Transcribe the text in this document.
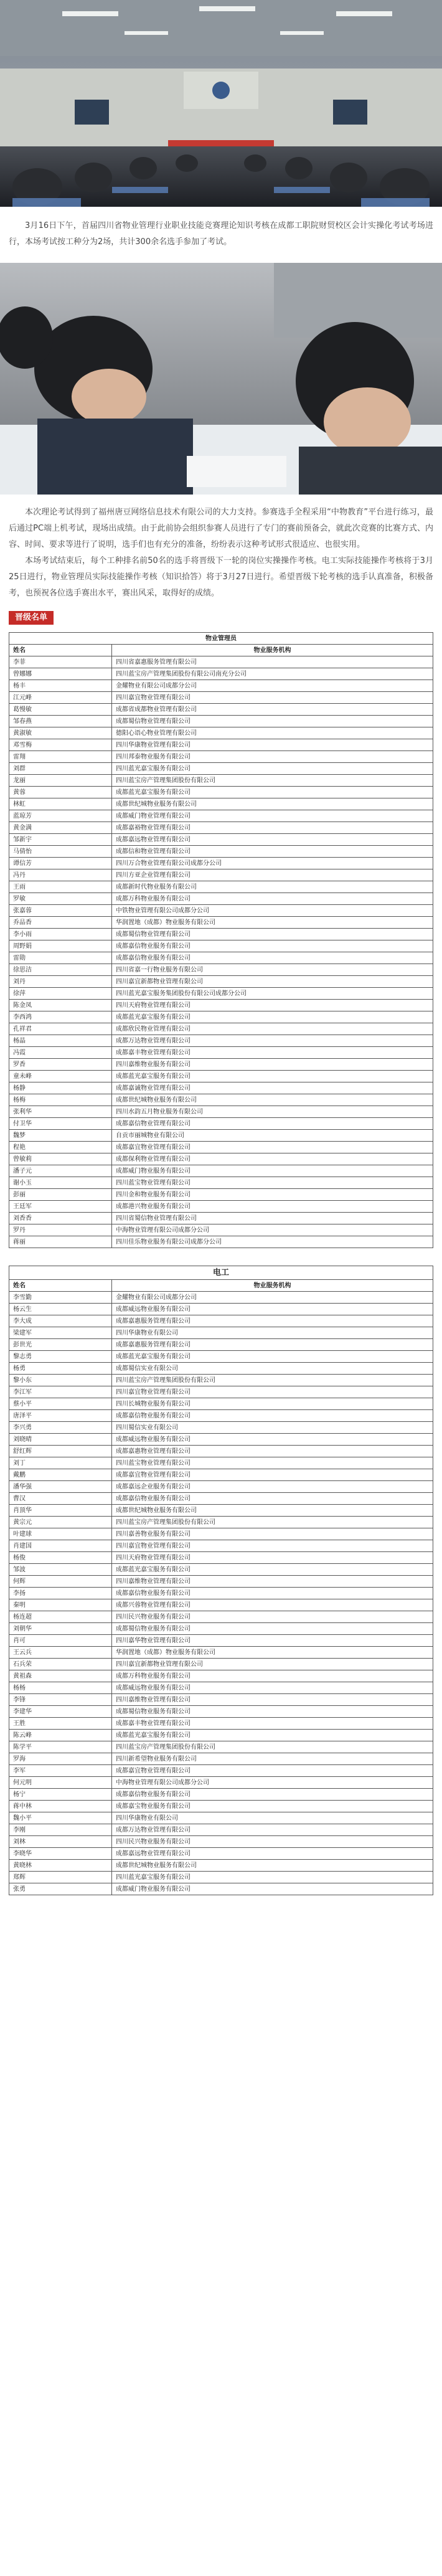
3月16日下午，首届四川省物业管理行业职业技能竞赛理论知识考核在成都工职院财贸校区会计实操化考试考场进行，本场考试按工种分为2场，共计300余名选手参加了考试。

本次理论考试得到了福州唐豆网络信息技术有限公司的大力支持。参赛选手全程采用“中物教育”平台进行练习，最后通过PC端上机考试，现场出成绩。由于此前协会组织参赛人员进行了专门的赛前预备会，就此次竞赛的比赛方式、内容、时间、要求等进行了说明，选手们也有充分的准备，纷纷表示这种考试形式很适应、也很实用。

本场考试结束后，每个工种排名前50名的选手将晋级下一轮的岗位实操操作考核。电工实际技能操作考核将于3月25日进行，物业管理员实际技能操作考核（知识拾答）将于3月27日进行。希望晋级下轮考核的选手认真准备，积极备考，也预祝各位选手赛出水平，赛出风采，取得好的成绩。

晋级名单
物业管理员	
姓名	物业服务机构
李菲	四川省嘉惠服务管理有限公司
曾娜娜	四川蓝宝房产管理集团股份有限公司南充分公司
杨丰	金耀物业有限公司成都分公司
江元峰	四川嘉宜物业管理有限公司
葛慢敏	成都省成都物业管理有限公司
邹春燕	成都蜀信物业管理有限公司
黄淑敏	德阳心语心物业管理有限公司
邓雪梅	四川华康物业管理有限公司
雷翔	四川邦泰物业服务有限公司
刘群	四川蓝光嘉宝服务有限公司
龙丽	四川蓝宝房产管理集团股份有限公司
黄蓉	成都蓝光嘉宝服务有限公司
林虹	成都世纪城物业服务有限公司
蓝琼芳	成都威门物业管理有限公司
黄金满	成都嘉裕物业管理有限公司
邹新宇	成都嘉远物业管理有限公司
马倩怡	成都信和物业管理有限公司
谭信芳	四川万合物业管理有限公司成都分公司
冯丹	四川方亚企业管理有限公司
王雨	成都新时代物业服务有限公司
罗敏	成都万科物业服务有限公司
张嘉蓉	中铁物业管理有限公司成都分公司
乔品香	华润置地（成都）物业服务有限公司
李小雨	成都蜀信物业管理有限公司
周野娟	成都嘉信物业服务有限公司
雷勋	成都嘉信物业服务有限公司
徐思洁	四川省嘉一行物业服务有限公司
刘丹	四川嘉宜新都物业管理有限公司
徐萍	四川蓝光嘉宝服务集团股份有限公司成都分公司
陈金凤	四川天府物业管理有限公司
李西鸿	成都蓝光嘉宝服务有限公司
孔祥君	成都欣民物业管理有限公司
杨晶	成都万达物业管理有限公司
冯霞	成都嘉丰物业管理有限公司
罗香	四川嘉维物业服务有限公司
童未峰	成都蓝光嘉宝服务有限公司
杨静	成都嘉诚物业管理有限公司
杨梅	成都世纪城物业服务有限公司
张利华	四川水韵五月物业服务有限公司
付卫华	成都嘉信物业管理有限公司
魏梦	自贡市丽城物业有限公司
程艳	成都嘉宜物业管理有限公司
曾敏莉	成都保利物业管理有限公司
潘子元	成都威门物业服务有限公司
谢小玉	四川蓝宝物业管理有限公司
彭丽	四川金和物业服务有限公司
王廷军	成都港兴物业服务有限公司
刘香香	四川省蜀信物业管理有限公司
罗丹	中海物业管理有限公司成都分公司
蒋丽	四川佳乐物业服务有限公司成都分公司
电工	
姓名	物业服务机构
李雪勤	金耀物业有限公司成都分公司
杨云生	成都威远物业服务有限公司
李大成	成都嘉惠服务管理有限公司
梁建军	四川华康物业有限公司
彭世光	成都嘉惠服务管理有限公司
黎志勇	成都蓝光嘉宝服务有限公司
杨勇	成都蜀信实业有限公司
黎小东	四川蓝宝房产管理集团股份有限公司
李江军	四川嘉宜物业管理有限公司
蔡小平	四川长城物业服务有限公司
唐泽平	成都嘉信物业服务有限公司
李兴勇	四川蜀信实业有限公司
刘晓晴	成都威远物业服务有限公司
舒红辉	成都嘉惠物业管理有限公司
刘丁	四川蓝宝物业管理有限公司
戴鹏	成都嘉宜物业管理有限公司
潘华强	成都嘉远企业服务有限公司
曹汉	成都嘉信物业服务有限公司
肖顶华	成都世纪城物业服务有限公司
黄宗元	四川蓝宝房产管理集团股份有限公司
叶建球	四川嘉善物业服务有限公司
肖建国	四川嘉宜物业管理有限公司
杨俊	四川天府物业管理有限公司
邹波	成都蓝光嘉宝服务有限公司
何辉	四川嘉维物业管理有限公司
李扬	成都嘉信物业服务有限公司
秦明	成都兴蓉物业管理有限公司
杨连超	四川民兴物业服务有限公司
刘朝华	成都蜀信物业服务有限公司
肖可	四川嘉华物业管理有限公司
王云兵	华润置地（成都）物业服务有限公司
石兵荣	四川嘉宜新都物业管理有限公司
黄祖森	成都万科物业服务有限公司
杨杨	成都威远物业服务有限公司
李锋	四川嘉维物业管理有限公司
李建华	成都蜀信物业服务有限公司
王胜	成都嘉丰物业管理有限公司
陈云峰	成都蓝光嘉宝服务有限公司
陈学平	四川蓝宝房产管理集团股份有限公司
罗海	四川新希望物业服务有限公司
李军	成都嘉宜物业管理有限公司
何元明	中海物业管理有限公司成都分公司
杨宁	成都嘉信物业服务有限公司
蒋中林	成都嘉宝物业服务有限公司
魏小平	四川华康物业有限公司
李刚	成都万达物业管理有限公司
刘林	四川民兴物业服务有限公司
李晓华	成都嘉远物业管理有限公司
黄晓林	成都世纪城物业服务有限公司
郑辉	四川蓝光嘉宝服务有限公司
张勇	成都威门物业服务有限公司
